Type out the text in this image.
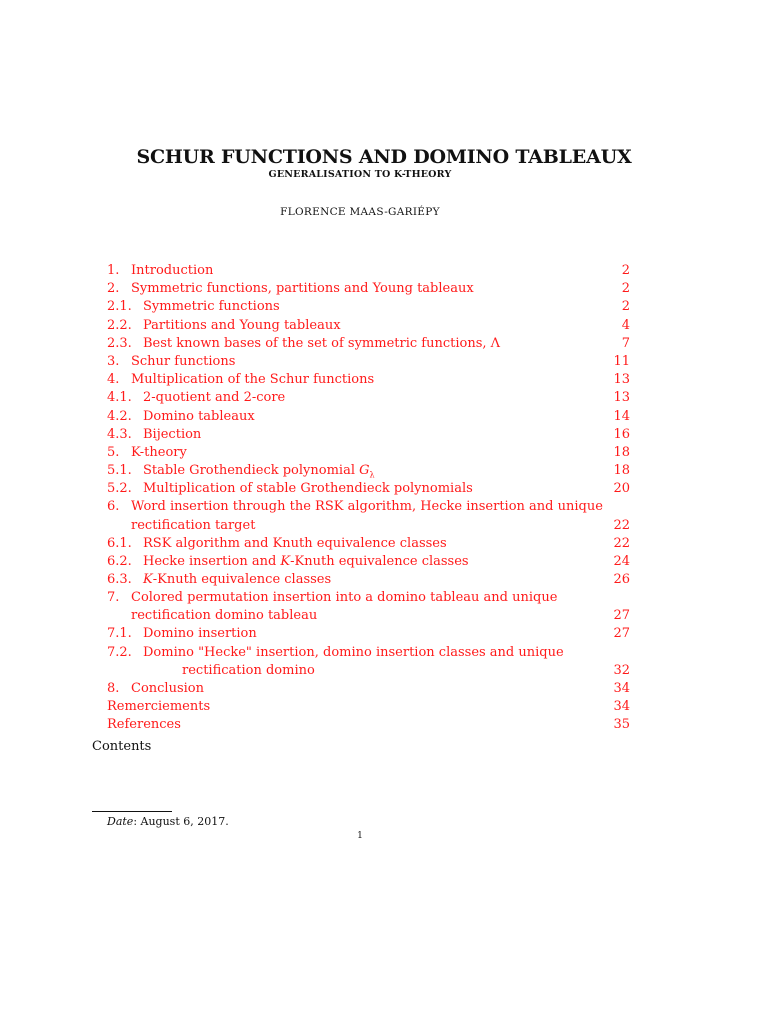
SCHUR FUNCTIONS AND DOMINO TABLEAUX
GENERALISATION TO K-THEORY
FLORENCE MAAS-GARIÉPY
1. Introduction	2
2. Symmetric functions, partitions and Young tableaux	2
2.1. Symmetric functions	2
2.2. Partitions and Young tableaux	4
2.3. Best known bases of the set of symmetric functions, Λ	7
3. Schur functions	11
4. Multiplication of the Schur functions	13
4.1. 2-quotient and 2-core	13
4.2. Domino tableaux	14
4.3. Bijection	16
5. K-theory	18
5.1. Stable Grothendieck polynomial $G_\lambda$	18
5.2. Multiplication of stable Grothendieck polynomials	20
6. Word insertion through the RSK algorithm, Hecke insertion and unique
rectification target	22
6.1. RSK algorithm and Knuth equivalence classes	22
6.2. Hecke insertion and K-Knuth equivalence classes	24
6.3. K-Knuth equivalence classes	26
7. Colored permutation insertion into a domino tableau and unique
rectification domino tableau	27
7.1. Domino insertion	27
7.2. Domino "Hecke" insertion, domino insertion classes and unique
rectification domino	32
8. Conclusion	34
Remerciements	34
References	35
Contents
Date: August 6, 2017.
1
